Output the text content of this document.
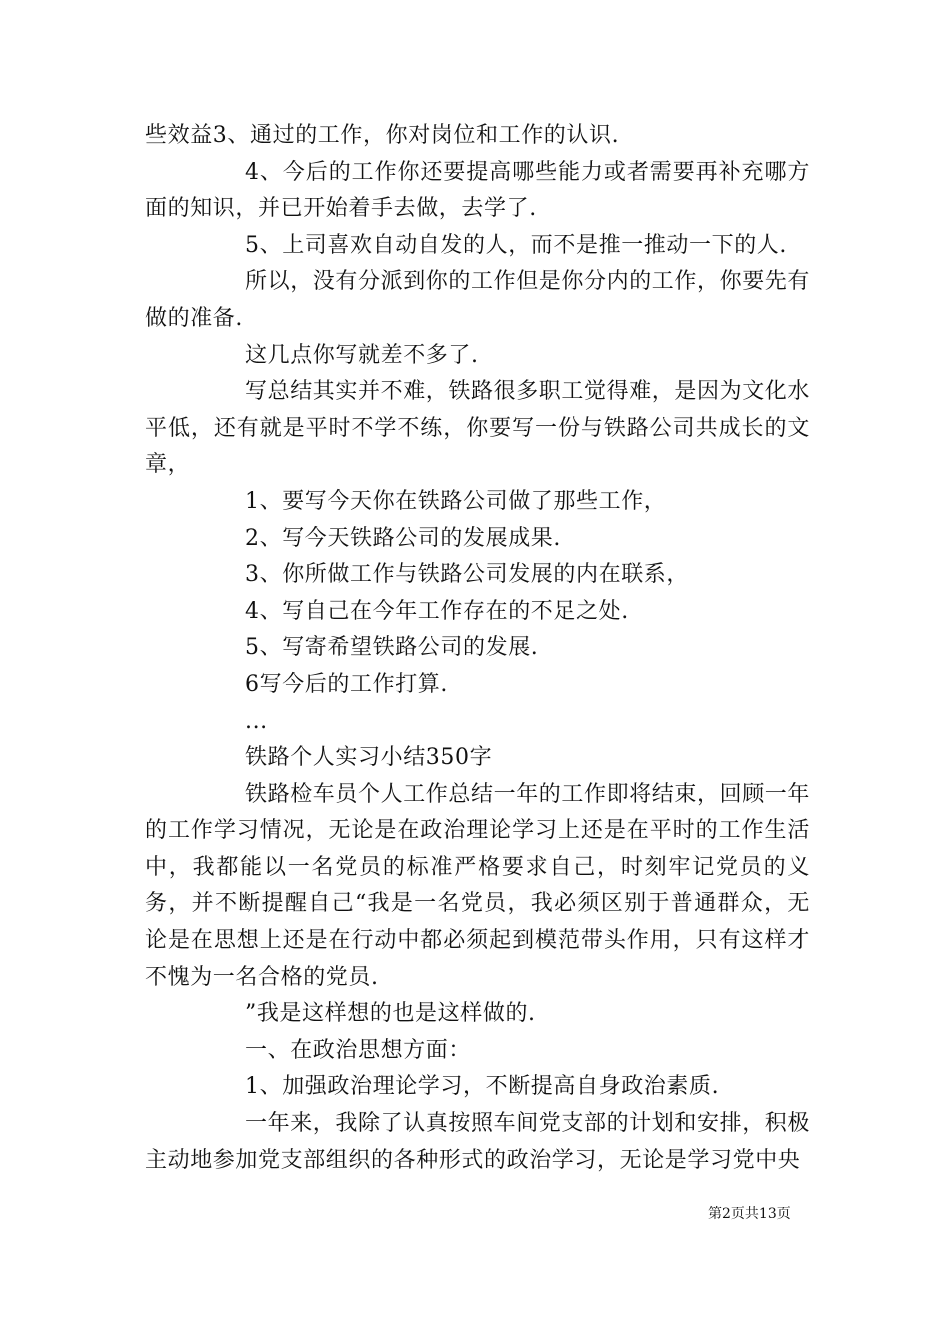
些效益3、通过的工作，你对岗位和工作的认识.

4、今后的工作你还要提高哪些能力或者需要再补充哪方面的知识，并已开始着手去做，去学了.

5、上司喜欢自动自发的人，而不是推一推动一下的人.

所以，没有分派到你的工作但是你分内的工作，你要先有做的准备.

这几点你写就差不多了.

写总结其实并不难，铁路很多职工觉得难，是因为文化水平低，还有就是平时不学不练，你要写一份与铁路公司共成长的文章，

1、要写今天你在铁路公司做了那些工作，

2、写今天铁路公司的发展成果.

3、你所做工作与铁路公司发展的内在联系，

4、写自己在今年工作存在的不足之处.

5、写寄希望铁路公司的发展.

6写今后的工作打算.

...

铁路个人实习小结350字

铁路检车员个人工作总结一年的工作即将结束，回顾一年的工作学习情况，无论是在政治理论学习上还是在平时的工作生活中，我都能以一名党员的标准严格要求自己，时刻牢记党员的义务，并不断提醒自己“我是一名党员，我必须区别于普通群众，无论是在思想上还是在行动中都必须起到模范带头作用，只有这样才不愧为一名合格的党员.

”我是这样想的也是这样做的.

一、在政治思想方面：

1、加强政治理论学习，不断提高自身政治素质.

一年来，我除了认真按照车间党支部的计划和安排，积极主动地参加党支部组织的各种形式的政治学习，无论是学习党中央

第2页共13页
